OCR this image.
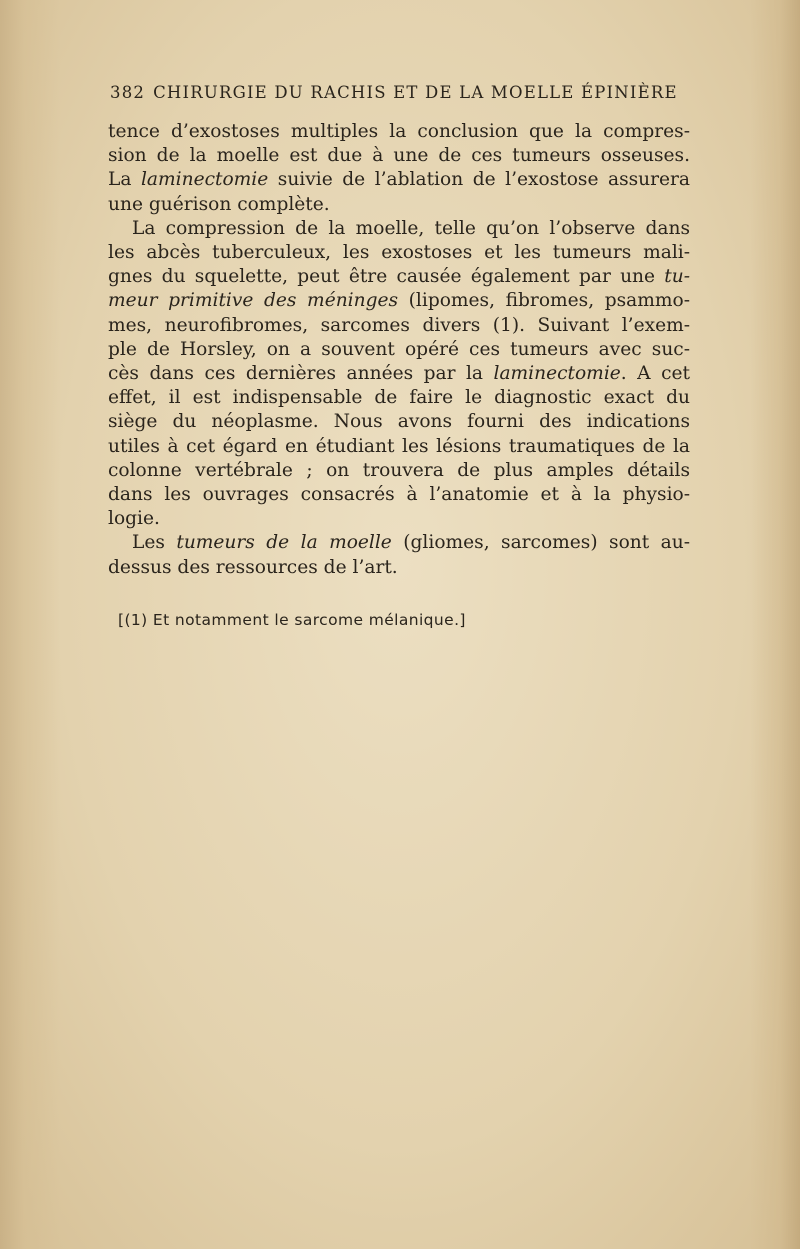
382 CHIRURGIE DU RACHIS ET DE LA MOELLE ÉPINIÈRE
tence d’exostoses multiples la conclusion que la compres-
sion de la moelle est due à une de ces tumeurs osseuses.
La laminectomie suivie de l’ablation de l’exostose assurera
une guérison complète.
La compression de la moelle, telle qu’on l’observe dans
les abcès tuberculeux, les exostoses et les tumeurs mali-
gnes du squelette, peut être causée également par une tu-
meur primitive des méninges (lipomes, fibromes, psammo-
mes, neurofibromes, sarcomes divers (1). Suivant l’exem-
ple de Horsley, on a souvent opéré ces tumeurs avec suc-
cès dans ces dernières années par la laminectomie. A cet
effet, il est indispensable de faire le diagnostic exact du
siège du néoplasme. Nous avons fourni des indications
utiles à cet égard en étudiant les lésions traumatiques de la
colonne vertébrale ; on trouvera de plus amples détails
dans les ouvrages consacrés à l’anatomie et à la physio-
logie.
Les tumeurs de la moelle (gliomes, sarcomes) sont au-
dessus des ressources de l’art.
[(1) Et notamment le sarcome mélanique.]
